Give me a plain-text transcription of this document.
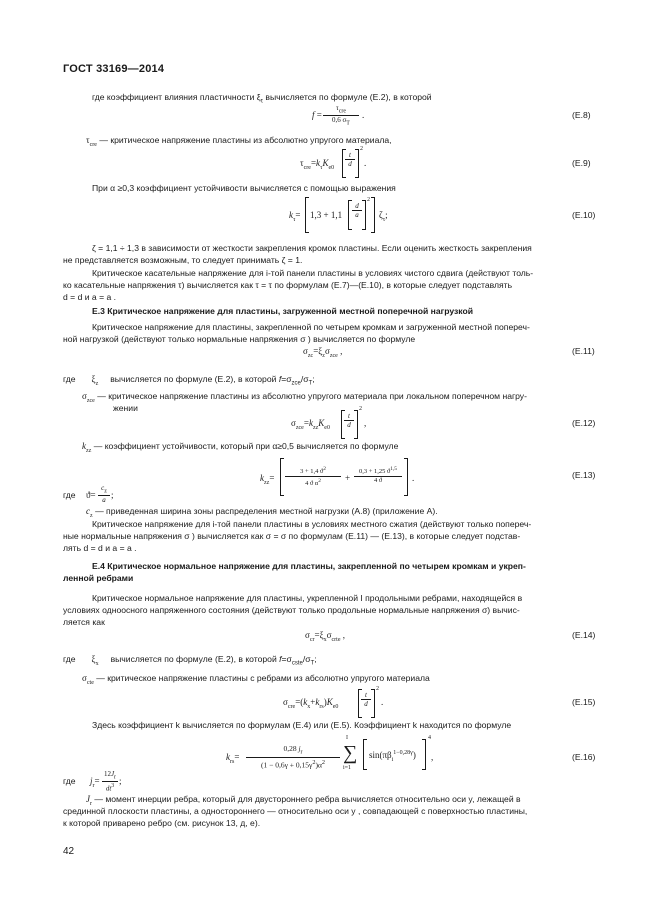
ГОСТ 33169—2014
где коэффициент влияния пластичности $\xi_\tau$ вычисляется по формуле (Е.2), в которой
f =
$\tau_{cre}$
0,6 $\sigma_T$
.	(Е.8)
$\tau_{cre}$ — критическое напряжение пластины из абсолютно упругого материала,
$\tau_{cre}=k_\tau K_{e0} \frac{t}{d}$
2
.	(Е.9)
При α ≥0,3 коэффициент устойчивости вычисляется с помощью выражения
$k_\tau= 1,3 + 1,1 \frac{d}{a}$
2
$\zeta_\tau$;	(Е.10)
ζ = 1,1 ÷ 1,3 в зависимости от жесткости закрепления кромок пластины. Если оценить жесткость закрепления
не представляется возможным, то следует принимать ζ = 1.
Критическое касательные напряжение для i-той панели пластины в условиях чистого сдвига (действуют толь-
ко касательные напряжения τ) вычисляется как τ = τ по формулам (Е.7)—(Е.10), в которые следует подставлять
d = d и a = a .
Е.3 Критическое напряжение для пластины, загруженной местной поперечной нагрузкой
Критическое напряжение для пластины, закрепленной по четырем кромкам и загруженной местной попереч-
ной нагрузкой (действуют только нормальные напряжения σ ) вычисляется по формуле
$\sigma_{zc}=\xi_z\sigma_{zce}$ ,	(Е.11)
где $\xi_z$ вычисляется по формуле (Е.2), в которой $f=\sigma_{zce}/\sigma_T$;
$\sigma_{zce}$ — критическое напряжение пластины из абсолютно упругого материала при локальном поперечном нагру-
жении
$\sigma_{zce}=k_{zz}K_{e0} \frac{t}{d}$
2
,	(Е.12)
$k_{zz}$ — коэффициент устойчивости, который при α≥0,5 вычисляется по формуле
$k_{zz}= \frac{3 + 1,4 ϑ^2}{4 ϑ \alpha^2} + \frac{0,3 + 1,25 ϑ^{1,5}}{4 ϑ}$ .	(Е.13)
где $ϑ= \frac{c_z}{a}$ ;
$c_z$ — приведенная ширина зоны распределения местной нагрузки (А.8) (приложение А).
Критическое напряжение для i-той панели пластины в условиях местного сжатия (действуют только попереч-
ные нормальные напряжения σ ) вычисляется как σ = σ по формулам (Е.11) — (Е.13), в которые следует подстав-
лять d = d и a = a .
Е.4 Критическое нормальное напряжение для пластины, закрепленной по четырем кромкам и укреп-
ленной ребрами
Критическое нормальное напряжение для пластины, укрепленной I продольными ребрами, находящейся в
условиях одноосного напряженного состояния (действуют только продольные нормальные напряжения σ) вычис-
ляется как
$\sigma_{cr}=\xi_x\sigma_{crte}$ ,	(Е.14)
где $\xi_x$ вычисляется по формуле (Е.2), в которой $f=\sigma_{cste}/\sigma_T$;
$\sigma_{cte}$ — критическое напряжение пластины с ребрами из абсолютно упругого материала
$\sigma_{cre}=(k_x+k_{rs})K_{e0}$	$\frac{t}{d}$
2
.	(Е.15)
Здесь коэффициент k вычисляется по формулам (Е.4) или (Е.5). Коэффициент k находится по формуле
$k_{rs}= \frac{0,28 j_r}{(1 - 0,6\gamma + 0,15\gamma^2)\alpha^2}$ ∑
I
i=1
$\sin(\pi\beta_i^{1-0,28\gamma})$
4
,	(Е.16)
где $j_r= \frac{12J_r}{dt^3}$ ;
$J_r$ — момент инерции ребра, который для двустороннего ребра вычисляется относительно оси y, лежащей в
срединной плоскости пластины, а одностороннего — относительно оси y , совпадающей с поверхностью пластины,
к которой приварено ребро (см. рисунок 13, д, е).
42
